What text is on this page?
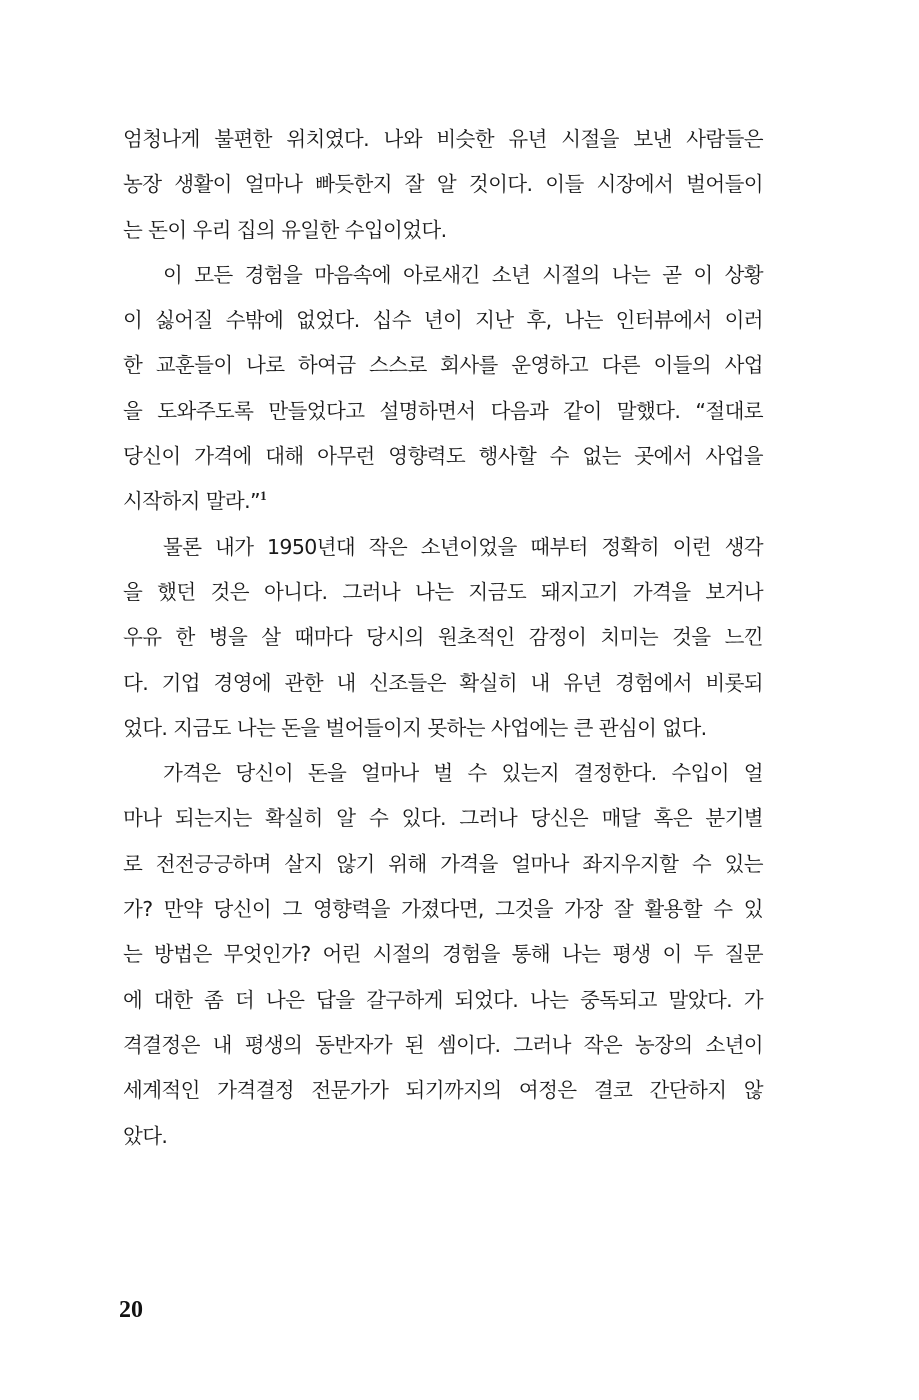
엄청나게 불편한 위치였다. 나와 비슷한 유년 시절을 보낸 사람들은
농장 생활이 얼마나 빠듯한지 잘 알 것이다. 이들 시장에서 벌어들이
는 돈이 우리 집의 유일한 수입이었다.
이 모든 경험을 마음속에 아로새긴 소년 시절의 나는 곧 이 상황
이 싫어질 수밖에 없었다. 십수 년이 지난 후, 나는 인터뷰에서 이러
한 교훈들이 나로 하여금 스스로 회사를 운영하고 다른 이들의 사업
을 도와주도록 만들었다고 설명하면서 다음과 같이 말했다. “절대로
당신이 가격에 대해 아무런 영향력도 행사할 수 없는 곳에서 사업을
시작하지 말라.”$^1$
물론 내가 1950년대 작은 소년이었을 때부터 정확히 이런 생각
을 했던 것은 아니다. 그러나 나는 지금도 돼지고기 가격을 보거나
우유 한 병을 살 때마다 당시의 원초적인 감정이 치미는 것을 느낀
다. 기업 경영에 관한 내 신조들은 확실히 내 유년 경험에서 비롯되
었다. 지금도 나는 돈을 벌어들이지 못하는 사업에는 큰 관심이 없다.
가격은 당신이 돈을 얼마나 벌 수 있는지 결정한다. 수입이 얼
마나 되는지는 확실히 알 수 있다. 그러나 당신은 매달 혹은 분기별
로 전전긍긍하며 살지 않기 위해 가격을 얼마나 좌지우지할 수 있는
가? 만약 당신이 그 영향력을 가졌다면, 그것을 가장 잘 활용할 수 있
는 방법은 무엇인가? 어린 시절의 경험을 통해 나는 평생 이 두 질문
에 대한 좀 더 나은 답을 갈구하게 되었다. 나는 중독되고 말았다. 가
격결정은 내 평생의 동반자가 된 셈이다. 그러나 작은 농장의 소년이
세계적인 가격결정 전문가가 되기까지의 여정은 결코 간단하지 않
았다.
20
